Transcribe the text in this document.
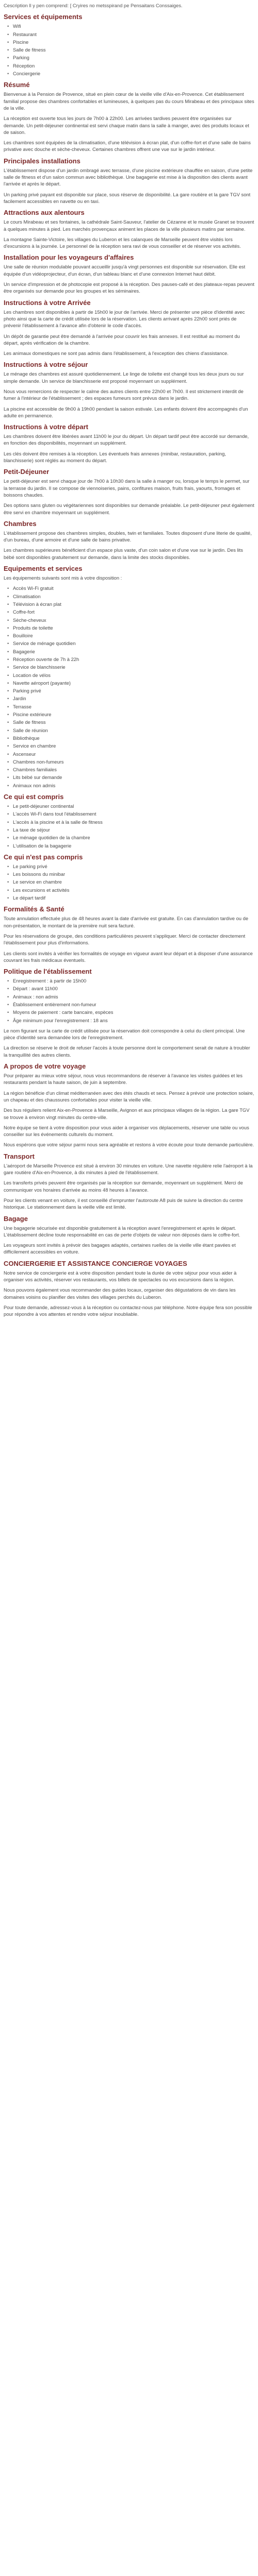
Cescription ll y pen comprend: [ Cryires no metsspirand pe Pensaitans Conssaiges.

Services et équipements
• Wifi
• Restaurant
• Piscine
• Salle de fitness
• Parking
• Réception
• Conciergerie
Résumé

Bienvenue à la Pension de Provence, situé en plein cœur de la vieille ville d'Aix-en-Provence. Cet établissement familial propose des chambres confortables et lumineuses, à quelques pas du cours Mirabeau et des principaux sites de la ville.

La réception est ouverte tous les jours de 7h00 à 22h00. Les arrivées tardives peuvent être organisées sur demande. Un petit-déjeuner continental est servi chaque matin dans la salle à manger, avec des produits locaux et de saison.

Les chambres sont équipées de la climatisation, d'une télévision à écran plat, d'un coffre-fort et d'une salle de bains privative avec douche et sèche-cheveux. Certaines chambres offrent une vue sur le jardin intérieur.

Principales installations

L'établissement dispose d'un jardin ombragé avec terrasse, d'une piscine extérieure chauffée en saison, d'une petite salle de fitness et d'un salon commun avec bibliothèque. Une bagagerie est mise à la disposition des clients avant l'arrivée et après le départ.

Un parking privé payant est disponible sur place, sous réserve de disponibilité. La gare routière et la gare TGV sont facilement accessibles en navette ou en taxi.

Attractions aux alentours

Le cours Mirabeau et ses fontaines, la cathédrale Saint-Sauveur, l'atelier de Cézanne et le musée Granet se trouvent à quelques minutes à pied. Les marchés provençaux animent les places de la ville plusieurs matins par semaine.

La montagne Sainte-Victoire, les villages du Luberon et les calanques de Marseille peuvent être visités lors d'excursions à la journée. Le personnel de la réception sera ravi de vous conseiller et de réserver vos activités.

Installation pour les voyageurs d'affaires

Une salle de réunion modulable pouvant accueillir jusqu'à vingt personnes est disponible sur réservation. Elle est équipée d'un vidéoprojecteur, d'un écran, d'un tableau blanc et d'une connexion Internet haut débit.

Un service d'impression et de photocopie est proposé à la réception. Des pauses-café et des plateaux-repas peuvent être organisés sur demande pour les groupes et les séminaires.

Instructions à votre Arrivée

Les chambres sont disponibles à partir de 15h00 le jour de l'arrivée. Merci de présenter une pièce d'identité avec photo ainsi que la carte de crédit utilisée lors de la réservation. Les clients arrivant après 22h00 sont priés de prévenir l'établissement à l'avance afin d'obtenir le code d'accès.

Un dépôt de garantie peut être demandé à l'arrivée pour couvrir les frais annexes. Il est restitué au moment du départ, après vérification de la chambre.

Les animaux domestiques ne sont pas admis dans l'établissement, à l'exception des chiens d'assistance.

Instructions à votre séjour

Le ménage des chambres est assuré quotidiennement. Le linge de toilette est changé tous les deux jours ou sur simple demande. Un service de blanchisserie est proposé moyennant un supplément.

Nous vous remercions de respecter le calme des autres clients entre 22h00 et 7h00. Il est strictement interdit de fumer à l'intérieur de l'établissement ; des espaces fumeurs sont prévus dans le jardin.

La piscine est accessible de 9h00 à 19h00 pendant la saison estivale. Les enfants doivent être accompagnés d'un adulte en permanence.

Instructions à votre départ

Les chambres doivent être libérées avant 11h00 le jour du départ. Un départ tardif peut être accordé sur demande, en fonction des disponibilités, moyennant un supplément.

Les clés doivent être remises à la réception. Les éventuels frais annexes (minibar, restauration, parking, blanchisserie) sont réglés au moment du départ.

Petit-Déjeuner

Le petit-déjeuner est servi chaque jour de 7h00 à 10h30 dans la salle à manger ou, lorsque le temps le permet, sur la terrasse du jardin. Il se compose de viennoiseries, pains, confitures maison, fruits frais, yaourts, fromages et boissons chaudes.

Des options sans gluten ou végétariennes sont disponibles sur demande préalable. Le petit-déjeuner peut également être servi en chambre moyennant un supplément.

Chambres

L'établissement propose des chambres simples, doubles, twin et familiales. Toutes disposent d'une literie de qualité, d'un bureau, d'une armoire et d'une salle de bains privative.

Les chambres supérieures bénéficient d'un espace plus vaste, d'un coin salon et d'une vue sur le jardin. Des lits bébé sont disponibles gratuitement sur demande, dans la limite des stocks disponibles.

Equipements et services

Les équipements suivants sont mis à votre disposition :

• Accès Wi-Fi gratuit
• Climatisation
• Télévision à écran plat
• Coffre-fort
• Sèche-cheveux
• Produits de toilette
• Bouilloire
• Service de ménage quotidien
• Bagagerie
• Réception ouverte de 7h à 22h
• Service de blanchisserie
• Location de vélos
• Navette aéroport (payante)
• Parking privé
• Jardin
• Terrasse
• Piscine extérieure
• Salle de fitness
• Salle de réunion
• Bibliothèque
• Service en chambre
• Ascenseur
• Chambres non-fumeurs
• Chambres familiales
• Lits bébé sur demande
• Animaux non admis
Ce qui est compris
• Le petit-déjeuner continental
• L'accès Wi-Fi dans tout l'établissement
• L'accès à la piscine et à la salle de fitness
• La taxe de séjour
• Le ménage quotidien de la chambre
• L'utilisation de la bagagerie
Ce qui n'est pas compris
• Le parking privé
• Les boissons du minibar
• Le service en chambre
• Les excursions et activités
• Le départ tardif
Formalités & Santé

Toute annulation effectuée plus de 48 heures avant la date d'arrivée est gratuite. En cas d'annulation tardive ou de non-présentation, le montant de la première nuit sera facturé.

Pour les réservations de groupe, des conditions particulières peuvent s'appliquer. Merci de contacter directement l'établissement pour plus d'informations.

Les clients sont invités à vérifier les formalités de voyage en vigueur avant leur départ et à disposer d'une assurance couvrant les frais médicaux éventuels.

Politique de l'établissement
• Enregistrement : à partir de 15h00
• Départ : avant 11h00
• Animaux : non admis
• Établissement entièrement non-fumeur
• Moyens de paiement : carte bancaire, espèces
• Âge minimum pour l'enregistrement : 18 ans

Le nom figurant sur la carte de crédit utilisée pour la réservation doit correspondre à celui du client principal. Une pièce d'identité sera demandée lors de l'enregistrement.

La direction se réserve le droit de refuser l'accès à toute personne dont le comportement serait de nature à troubler la tranquillité des autres clients.

A propos de votre voyage

Pour préparer au mieux votre séjour, nous vous recommandons de réserver à l'avance les visites guidées et les restaurants pendant la haute saison, de juin à septembre.

La région bénéficie d'un climat méditerranéen avec des étés chauds et secs. Pensez à prévoir une protection solaire, un chapeau et des chaussures confortables pour visiter la vieille ville.

Des bus réguliers relient Aix-en-Provence à Marseille, Avignon et aux principaux villages de la région. La gare TGV se trouve à environ vingt minutes du centre-ville.

Notre équipe se tient à votre disposition pour vous aider à organiser vos déplacements, réserver une table ou vous conseiller sur les événements culturels du moment.

Nous espérons que votre séjour parmi nous sera agréable et restons à votre écoute pour toute demande particulière.

Transport

L'aéroport de Marseille Provence est situé à environ 30 minutes en voiture. Une navette régulière relie l'aéroport à la gare routière d'Aix-en-Provence, à dix minutes à pied de l'établissement.

Les transferts privés peuvent être organisés par la réception sur demande, moyennant un supplément. Merci de communiquer vos horaires d'arrivée au moins 48 heures à l'avance.

Pour les clients venant en voiture, il est conseillé d'emprunter l'autoroute A8 puis de suivre la direction du centre historique. Le stationnement dans la vieille ville est limité.

Bagage

Une bagagerie sécurisée est disponible gratuitement à la réception avant l'enregistrement et après le départ. L'établissement décline toute responsabilité en cas de perte d'objets de valeur non déposés dans le coffre-fort.

Les voyageurs sont invités à prévoir des bagages adaptés, certaines ruelles de la vieille ville étant pavées et difficilement accessibles en voiture.

CONCIERGERIE ET ASSISTANCE CONCIERGE VOYAGES

Notre service de conciergerie est à votre disposition pendant toute la durée de votre séjour pour vous aider à organiser vos activités, réserver vos restaurants, vos billets de spectacles ou vos excursions dans la région.

Nous pouvons également vous recommander des guides locaux, organiser des dégustations de vin dans les domaines voisins ou planifier des visites des villages perchés du Luberon.

Pour toute demande, adressez-vous à la réception ou contactez-nous par téléphone. Notre équipe fera son possible pour répondre à vos attentes et rendre votre séjour inoubliable.
